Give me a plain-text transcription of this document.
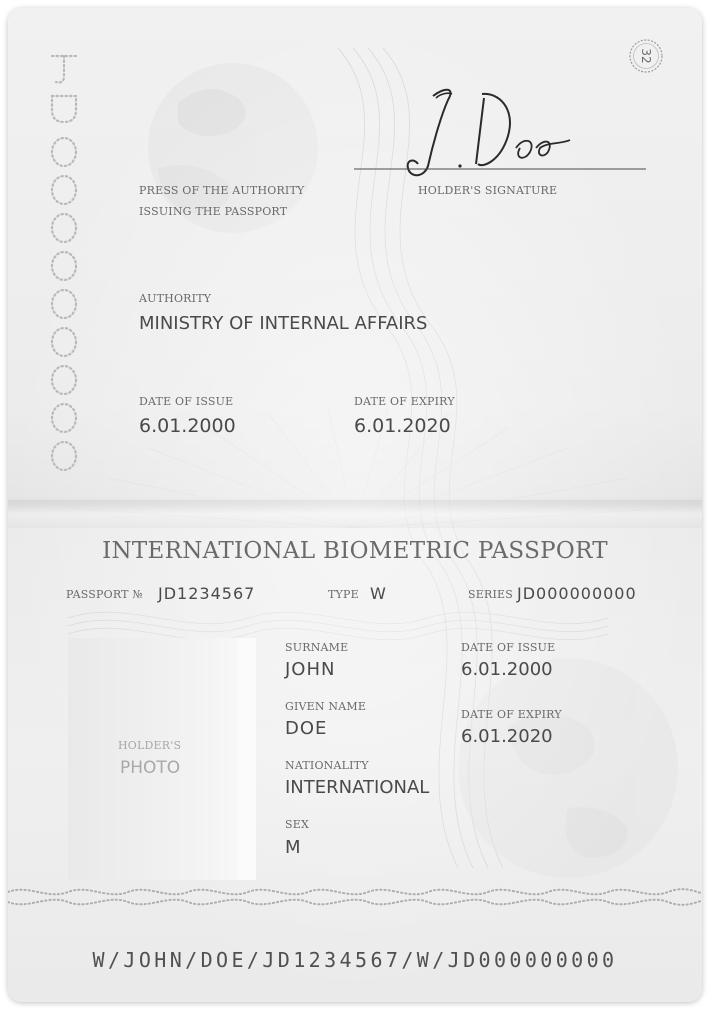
32
PRESS OF THE AUTHORITY
ISSUING THE PASSPORT
HOLDER'S SIGNATURE
AUTHORITY
MINISTRY OF INTERNAL AFFAIRS
DATE OF ISSUE
6.01.2000
DATE OF EXPIRY
6.01.2020
INTERNATIONAL BIOMETRIC PASSPORT
PASSPORT № JD1234567	TYPE W	SERIES JD000000000
HOLDER'S
PHOTO
SURNAME
JOHN
GIVEN NAME
DOE
NATIONALITY
INTERNATIONAL
SEX
M
DATE OF ISSUE
6.01.2000
DATE OF EXPIRY
6.01.2020
W/JOHN/DOE/JD1234567/W/JD000000000
